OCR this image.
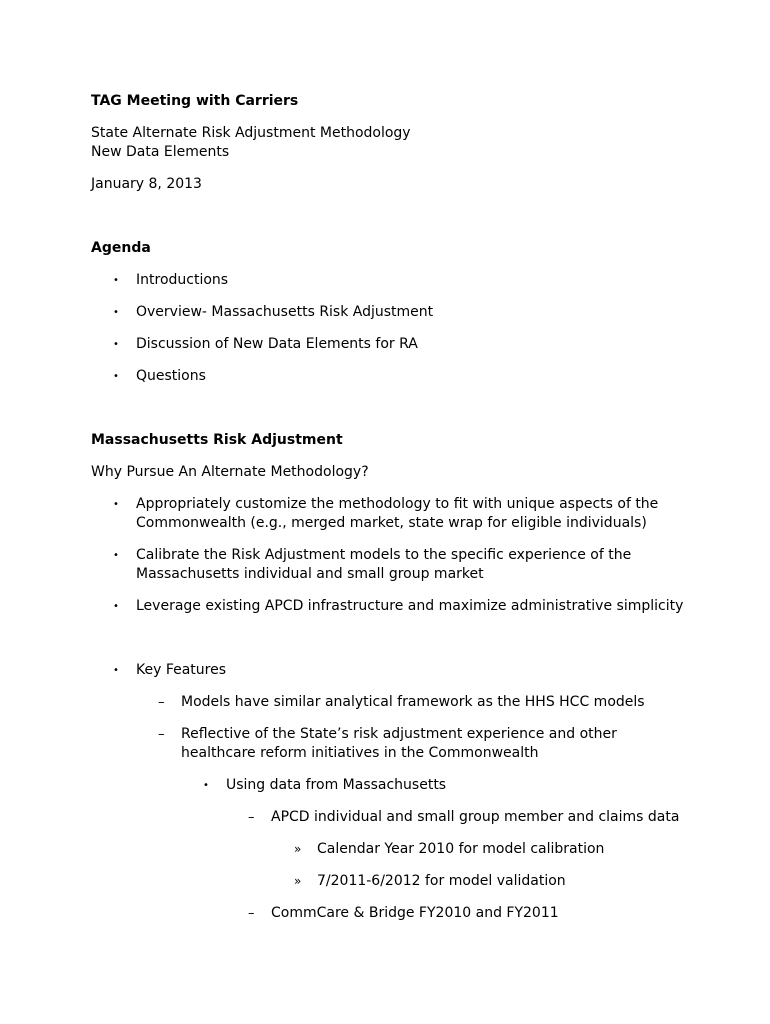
TAG Meeting with Carriers
State Alternate Risk Adjustment Methodology
New Data Elements
January 8, 2013
Agenda
• Introductions
• Overview- Massachusetts Risk Adjustment
• Discussion of New Data Elements for RA
• Questions
Massachusetts Risk Adjustment
Why Pursue An Alternate Methodology?
• Appropriately customize the methodology to fit with unique aspects of the
Commonwealth (e.g., merged market, state wrap for eligible individuals)
• Calibrate the Risk Adjustment models to the specific experience of the
Massachusetts individual and small group market
• Leverage existing APCD infrastructure and maximize administrative simplicity
• Key Features
– Models have similar analytical framework as the HHS HCC models
– Reflective of the State’s risk adjustment experience and other
healthcare reform initiatives in the Commonwealth
• Using data from Massachusetts
– APCD individual and small group member and claims data
» Calendar Year 2010 for model calibration
» 7/2011-6/2012 for model validation
– CommCare & Bridge FY2010 and FY2011
